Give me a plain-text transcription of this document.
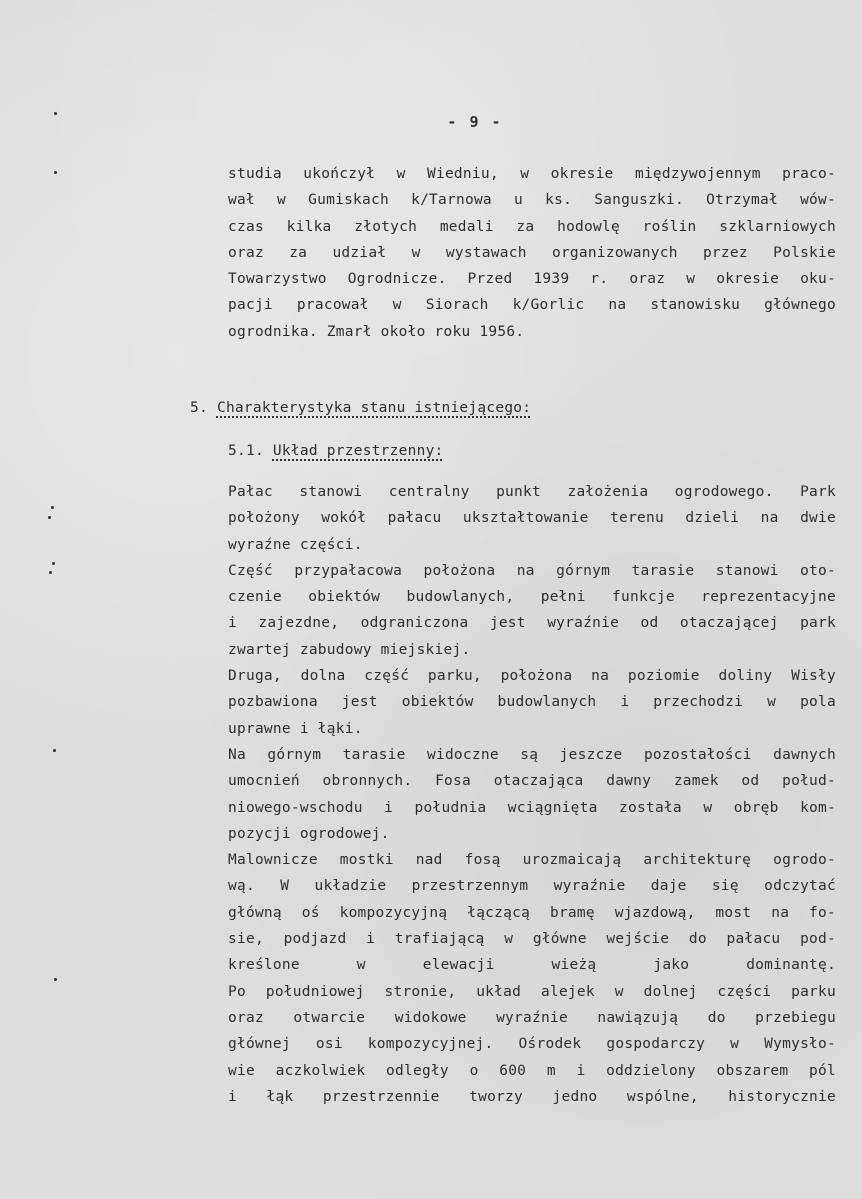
- 9 -
studia ukończył w Wiedniu, w okresie międzywojennym praco-
wał w Gumiskach k/Tarnowa u ks. Sanguszki. Otrzymał wów-
czas kilka złotych medali za hodowlę roślin szklarniowych
oraz za udział w wystawach organizowanych przez Polskie
Towarzystwo Ogrodnicze. Przed 1939 r. oraz w okresie oku-
pacji pracował w Siorach k/Gorlic na stanowisku głównego
ogrodnika. Zmarł około roku 1956.
5. Charakterystyka stanu istniejącego:
5.1. Układ przestrzenny:
Pałac stanowi centralny punkt założenia ogrodowego. Park
położony wokół pałacu ukształtowanie terenu dzieli na dwie
wyraźne części.
Część przypałacowa położona na górnym tarasie stanowi oto-
czenie obiektów budowlanych, pełni funkcje reprezentacyjne
i zajezdne, odgraniczona jest wyraźnie od otaczającej park
zwartej zabudowy miejskiej.
Druga, dolna część parku, położona na poziomie doliny Wisły
pozbawiona jest obiektów budowlanych i przechodzi w pola
uprawne i łąki.
Na górnym tarasie widoczne są jeszcze pozostałości dawnych
umocnień obronnych. Fosa otaczająca dawny zamek od połud-
niowego-wschodu i południa wciągnięta została w obręb kom-
pozycji ogrodowej.
Malownicze mostki nad fosą urozmaicają architekturę ogrodo-
wą. W układzie przestrzennym wyraźnie daje się odczytać
główną oś kompozycyjną łączącą bramę wjazdową, most na fo-
sie, podjazd i trafiającą w główne wejście do pałacu pod-
kreślone w elewacji wieżą jako dominantę.
Po południowej stronie, układ alejek w dolnej części parku
oraz otwarcie widokowe wyraźnie nawiązują do przebiegu
głównej osi kompozycyjnej. Ośrodek gospodarczy w Wymysło-
wie aczkolwiek odległy o 600 m i oddzielony obszarem pól
i łąk przestrzennie tworzy jedno wspólne, historycznie
